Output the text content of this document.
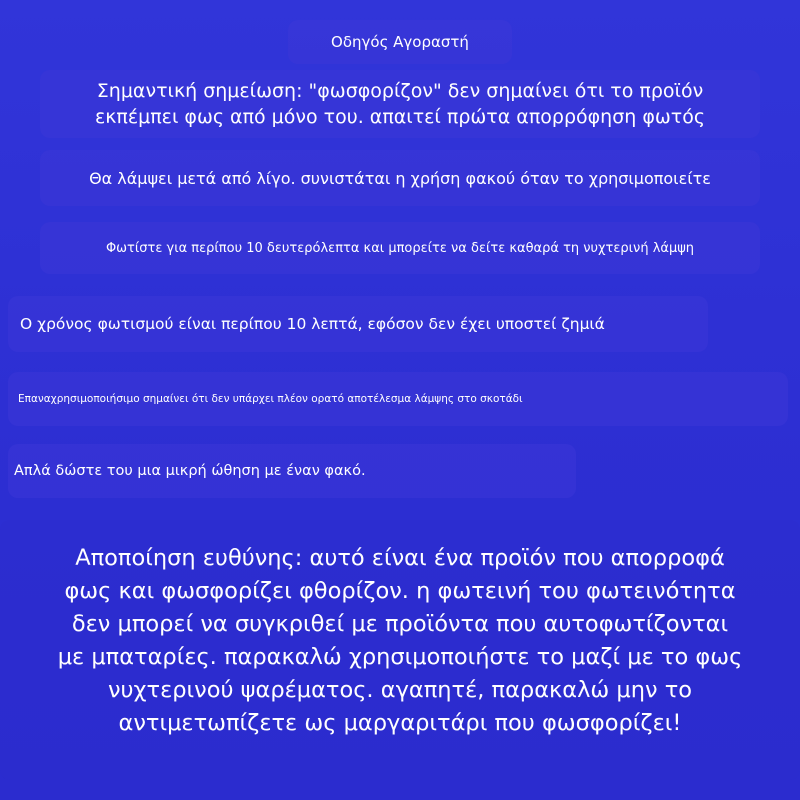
Οδηγός Αγοραστή
Σημαντική σημείωση: "φωσφορίζον" δεν σημαίνει ότι το προϊόν
εκπέμπει φως από μόνο του. απαιτεί πρώτα απορρόφηση φωτός
Θα λάμψει μετά από λίγο. συνιστάται η χρήση φακού όταν το χρησιμοποιείτε
Φωτίστε για περίπου 10 δευτερόλεπτα και μπορείτε να δείτε καθαρά τη νυχτερινή λάμψη
Ο χρόνος φωτισμού είναι περίπου 10 λεπτά, εφόσον δεν έχει υποστεί ζημιά
Επαναχρησιμοποιήσιμο σημαίνει ότι δεν υπάρχει πλέον ορατό αποτέλεσμα λάμψης στο σκοτάδι
Απλά δώστε του μια μικρή ώθηση με έναν φακό.
Αποποίηση ευθύνης: αυτό είναι ένα προϊόν που απορροφά
φως και φωσφορίζει φθορίζον. η φωτεινή του φωτεινότητα
δεν μπορεί να συγκριθεί με προϊόντα που αυτοφωτίζονται
με μπαταρίες. παρακαλώ χρησιμοποιήστε το μαζί με το φως
νυχτερινού ψαρέματος. αγαπητέ, παρακαλώ μην το
αντιμετωπίζετε ως μαργαριτάρι που φωσφορίζει!
